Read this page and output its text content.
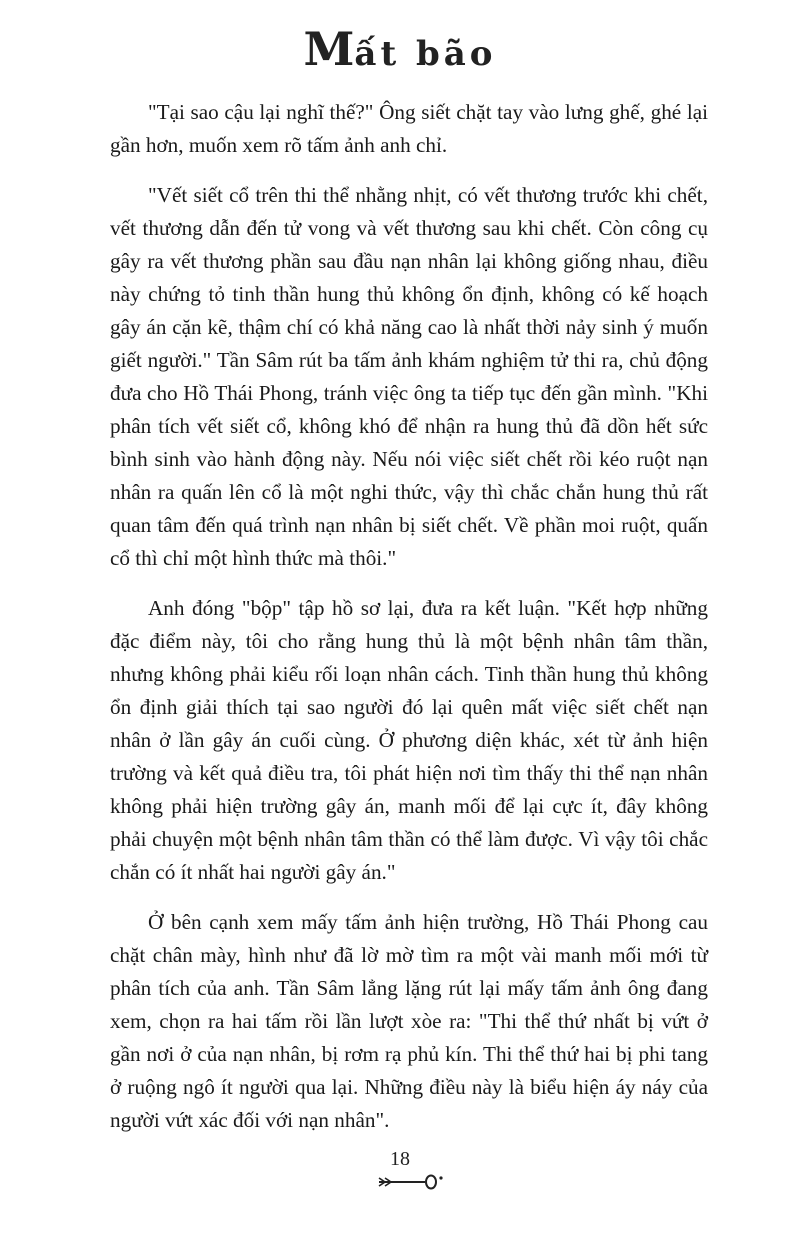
Mất bão

"Tại sao cậu lại nghĩ thế?" Ông siết chặt tay vào lưng ghế, ghé lại gần hơn, muốn xem rõ tấm ảnh anh chỉ.

"Vết siết cổ trên thi thể nhằng nhịt, có vết thương trước khi chết, vết thương dẫn đến tử vong và vết thương sau khi chết. Còn công cụ gây ra vết thương phần sau đầu nạn nhân lại không giống nhau, điều này chứng tỏ tinh thần hung thủ không ổn định, không có kế hoạch gây án cặn kẽ, thậm chí có khả năng cao là nhất thời nảy sinh ý muốn giết người." Tần Sâm rút ba tấm ảnh khám nghiệm tử thi ra, chủ động đưa cho Hồ Thái Phong, tránh việc ông ta tiếp tục đến gần mình. "Khi phân tích vết siết cổ, không khó để nhận ra hung thủ đã dồn hết sức bình sinh vào hành động này. Nếu nói việc siết chết rồi kéo ruột nạn nhân ra quấn lên cổ là một nghi thức, vậy thì chắc chắn hung thủ rất quan tâm đến quá trình nạn nhân bị siết chết. Về phần moi ruột, quấn cổ thì chỉ một hình thức mà thôi."

Anh đóng "bộp" tập hồ sơ lại, đưa ra kết luận. "Kết hợp những đặc điểm này, tôi cho rằng hung thủ là một bệnh nhân tâm thần, nhưng không phải kiểu rối loạn nhân cách. Tinh thần hung thủ không ổn định giải thích tại sao người đó lại quên mất việc siết chết nạn nhân ở lần gây án cuối cùng. Ở phương diện khác, xét từ ảnh hiện trường và kết quả điều tra, tôi phát hiện nơi tìm thấy thi thể nạn nhân không phải hiện trường gây án, manh mối để lại cực ít, đây không phải chuyện một bệnh nhân tâm thần có thể làm được. Vì vậy tôi chắc chắn có ít nhất hai người gây án."

Ở bên cạnh xem mấy tấm ảnh hiện trường, Hồ Thái Phong cau chặt chân mày, hình như đã lờ mờ tìm ra một vài manh mối mới từ phân tích của anh. Tần Sâm lẳng lặng rút lại mấy tấm ảnh ông đang xem, chọn ra hai tấm rồi lần lượt xòe ra: "Thi thể thứ nhất bị vứt ở gần nơi ở của nạn nhân, bị rơm rạ phủ kín. Thi thể thứ hai bị phi tang ở ruộng ngô ít người qua lại. Những điều này là biểu hiện áy náy của người vứt xác đối với nạn nhân".

18
